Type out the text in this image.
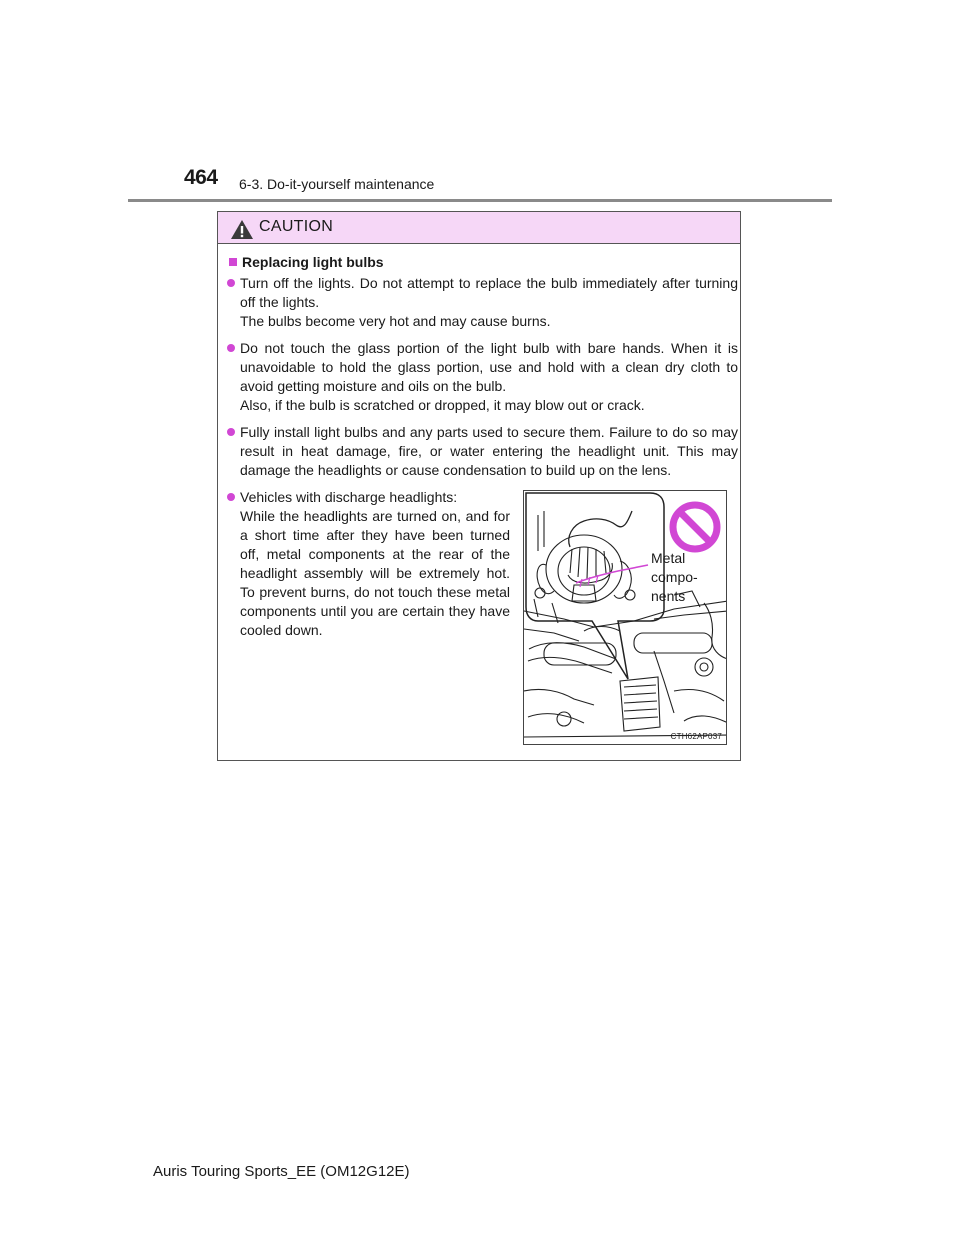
464 6-3. Do-it-yourself maintenance
CAUTION
Replacing light bulbs

Turn off the lights. Do not attempt to replace the bulb immediately after turning off the lights.

The bulbs become very hot and may cause burns.

Do not touch the glass portion of the light bulb with bare hands. When it is unavoidable to hold the glass portion, use and hold with a clean dry cloth to avoid getting moisture and oils on the bulb.

Also, if the bulb is scratched or dropped, it may blow out or crack.

Fully install light bulbs and any parts used to secure them. Failure to do so may result in heat damage, fire, or water entering the headlight unit. This may damage the headlights or cause condensation to build up on the lens.

Vehicles with discharge headlights:

While the headlights are turned on, and for a short time after they have been turned off, metal components at the rear of the headlight assembly will be extremely hot. To prevent burns, do not touch these metal components until you are certain they have cooled down.

Metal
compo-
nents
CTH62AP037
Auris Touring Sports_EE (OM12G12E)
